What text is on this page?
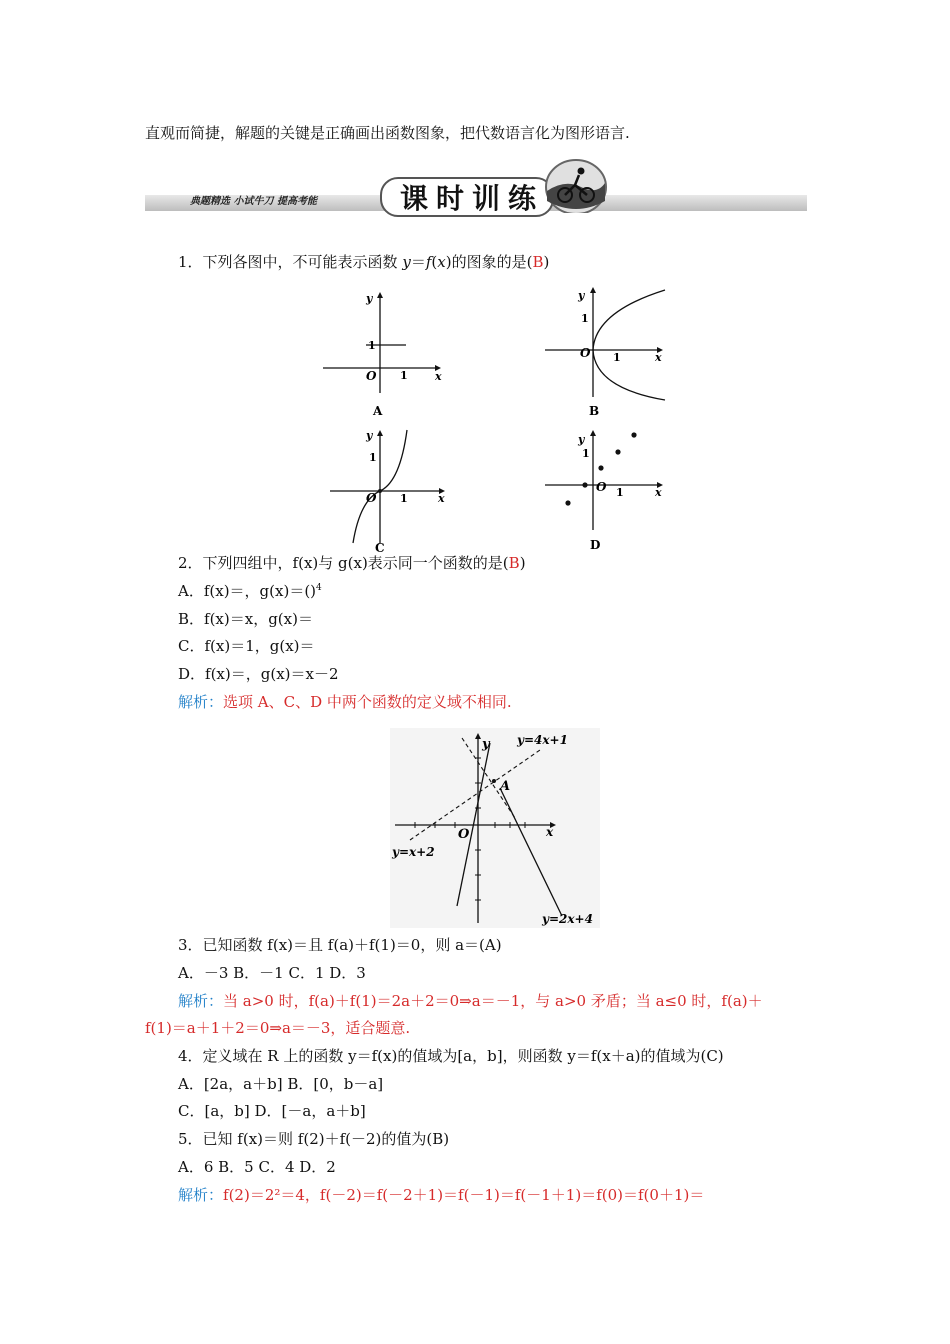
直观而简捷，解题的关键是正确画出函数图象，把代数语言化为图形语言.
典题精选 小试牛刀 提高考能	课时训练
1．下列各图中，不可能表示函数 y＝f(x)的图象的是(B)
y
x
O
1
1
A
y
x
O
1
1
B
y
x
O
1
1
C
y
x
O
1
1
D
2．下列四组中，f(x)与 g(x)表示同一个函数的是(B)
A．f(x)＝，g(x)＝()$^4$
B．f(x)＝x，g(x)＝
C．f(x)＝1，g(x)＝
D．f(x)＝，g(x)＝x－2
解析：选项 A、C、D 中两个函数的定义域不相同.
y
x
O
A
y=4x+1
y=x+2
y=2x+4
3．已知函数 f(x)＝且 f(a)＋f(1)＝0，则 a＝(A)
A．－3 B．－1 C．1 D．3
解析：当 a>0 时，f(a)＋f(1)＝2a＋2＝0⇒a＝－1，与 a>0 矛盾；当 a≤0 时，f(a)＋
f(1)＝a＋1＋2＝0⇒a＝－3，适合题意.
4．定义域在 R 上的函数 y＝f(x)的值域为[a，b]，则函数 y＝f(x＋a)的值域为(C)
A．[2a，a＋b] B．[0，b－a]
C．[a，b] D．[－a，a＋b]
5．已知 f(x)＝则 f(2)＋f(－2)的值为(B)
A．6 B．5 C．4 D．2
解析：f(2)＝2²＝4，f(－2)＝f(－2＋1)＝f(－1)＝f(－1＋1)＝f(0)＝f(0＋1)＝
